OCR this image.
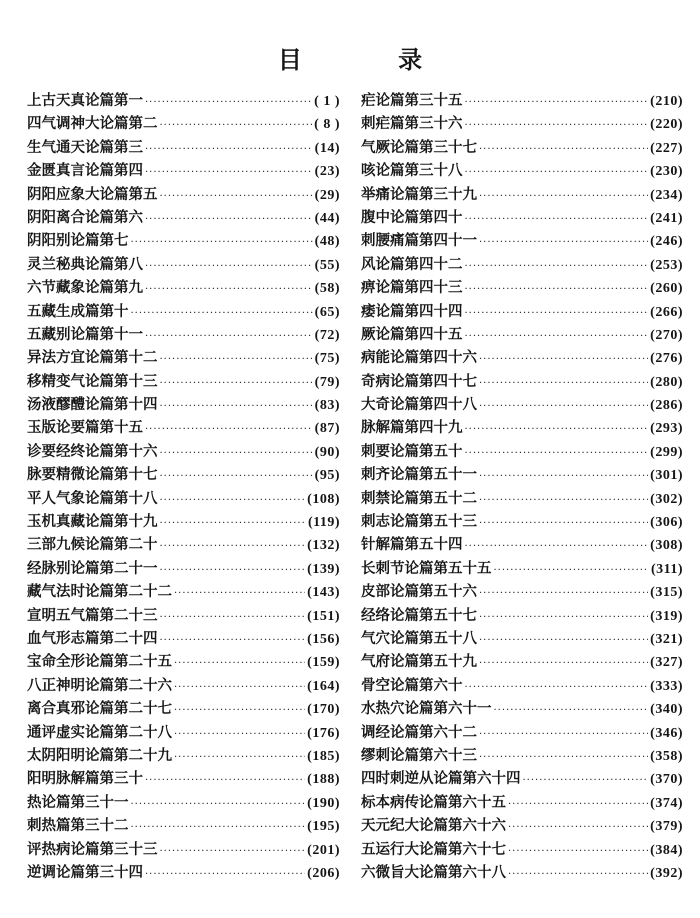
目 录
上古天真论篇第一 ·····	( 1 )
四气调神大论篇第二 ·····	( 8 )
生气通天论篇第三 ·····	(14)
金匮真言论篇第四 ·····	(23)
阴阳应象大论篇第五 ·····	(29)
阴阳离合论篇第六 ·····	(44)
阴阳别论篇第七 ·····	(48)
灵兰秘典论篇第八 ·····	(55)
六节藏象论篇第九 ·····	(58)
五藏生成篇第十 ·····	(65)
五藏别论篇第十一 ·····	(72)
异法方宜论篇第十二 ·····	(75)
移精变气论篇第十三 ·····	(79)
汤液醪醴论篇第十四 ·····	(83)
玉版论要篇第十五 ·····	(87)
诊要经终论篇第十六 ·····	(90)
脉要精微论篇第十七 ·····	(95)
平人气象论篇第十八 ·····	(108)
玉机真藏论篇第十九 ·····	(119)
三部九候论篇第二十 ·····	(132)
经脉别论篇第二十一 ·····	(139)
藏气法时论篇第二十二 ·····	(143)
宣明五气篇第二十三 ·····	(151)
血气形志篇第二十四 ·····	(156)
宝命全形论篇第二十五 ·····	(159)
八正神明论篇第二十六 ·····	(164)
离合真邪论篇第二十七 ·····	(170)
通评虚实论篇第二十八 ·····	(176)
太阴阳明论篇第二十九 ·····	(185)
阳明脉解篇第三十 ·····	(188)
热论篇第三十一 ·····	(190)
刺热篇第三十二 ·····	(195)
评热病论篇第三十三 ·····	(201)
逆调论篇第三十四 ·····	(206)
疟论篇第三十五 ·····	(210)
刺疟篇第三十六 ·····	(220)
气厥论篇第三十七 ·····	(227)
咳论篇第三十八 ·····	(230)
举痛论篇第三十九 ·····	(234)
腹中论篇第四十 ·····	(241)
刺腰痛篇第四十一 ·····	(246)
风论篇第四十二 ·····	(253)
痹论篇第四十三 ·····	(260)
痿论篇第四十四 ·····	(266)
厥论篇第四十五 ·····	(270)
病能论篇第四十六 ·····	(276)
奇病论篇第四十七 ·····	(280)
大奇论篇第四十八 ·····	(286)
脉解篇第四十九 ·····	(293)
刺要论篇第五十 ·····	(299)
刺齐论篇第五十一 ·····	(301)
刺禁论篇第五十二 ·····	(302)
刺志论篇第五十三 ·····	(306)
针解篇第五十四 ·····	(308)
长刺节论篇第五十五 ·····	(311)
皮部论篇第五十六 ·····	(315)
经络论篇第五十七 ·····	(319)
气穴论篇第五十八 ·····	(321)
气府论篇第五十九 ·····	(327)
骨空论篇第六十 ·····	(333)
水热穴论篇第六十一 ·····	(340)
调经论篇第六十二 ·····	(346)
缪刺论篇第六十三 ·····	(358)
四时刺逆从论篇第六十四 ·····	(370)
标本病传论篇第六十五 ·····	(374)
天元纪大论篇第六十六 ·····	(379)
五运行大论篇第六十七 ·····	(384)
六微旨大论篇第六十八 ·····	(392)
